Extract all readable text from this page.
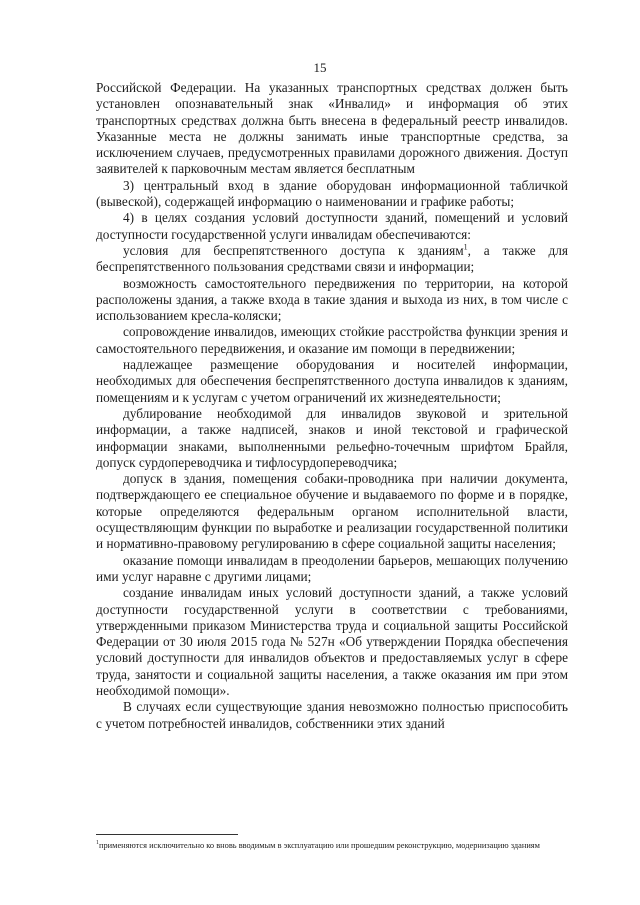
15

Российской Федерации. На указанных транспортных средствах должен быть установлен опознавательный знак «Инвалид» и информация об этих транспортных средствах должна быть внесена в федеральный реестр инвалидов. Указанные места не должны занимать иные транспортные средства, за исключением случаев, предусмотренных правилами дорожного движения. Доступ заявителей к парковочным местам является бесплатным

3) центральный вход в здание оборудован информационной табличкой (вывеской), содержащей информацию о наименовании и графике работы;

4) в целях создания условий доступности зданий, помещений и условий доступности государственной услуги инвалидам обеспечиваются:

условия для беспрепятственного доступа к зданиям$^1$, а также для беспрепятственного пользования средствами связи и информации;

возможность самостоятельного передвижения по территории, на которой расположены здания, а также входа в такие здания и выхода из них, в том числе с использованием кресла-коляски;

сопровождение инвалидов, имеющих стойкие расстройства функции зрения и самостоятельного передвижения, и оказание им помощи в передвижении;

надлежащее размещение оборудования и носителей информации, необходимых для обеспечения беспрепятственного доступа инвалидов к зданиям, помещениям и к услугам с учетом ограничений их жизнедеятельности;

дублирование необходимой для инвалидов звуковой и зрительной информации, а также надписей, знаков и иной текстовой и графической информации знаками, выполненными рельефно-точечным шрифтом Брайля, допуск сурдопереводчика и тифлосурдопереводчика;

допуск в здания, помещения собаки-проводника при наличии документа, подтверждающего ее специальное обучение и выдаваемого по форме и в порядке, которые определяются федеральным органом исполнительной власти, осуществляющим функции по выработке и реализации государственной политики и нормативно-правовому регулированию в сфере социальной защиты населения;

оказание помощи инвалидам в преодолении барьеров, мешающих получению ими услуг наравне с другими лицами;

создание инвалидам иных условий доступности зданий, а также условий доступности государственной услуги в соответствии с требованиями, утвержденными приказом Министерства труда и социальной защиты Российской Федерации от 30 июля 2015 года № 527н «Об утверждении Порядка обеспечения условий доступности для инвалидов объектов и предоставляемых услуг в сфере труда, занятости и социальной защиты населения, а также оказания им при этом необходимой помощи».

В случаях если существующие здания невозможно полностью приспособить с учетом потребностей инвалидов, собственники этих зданий

$^1$применяются исключительно ко вновь вводимым в эксплуатацию или прошедшим реконструкцию, модернизацию зданиям
